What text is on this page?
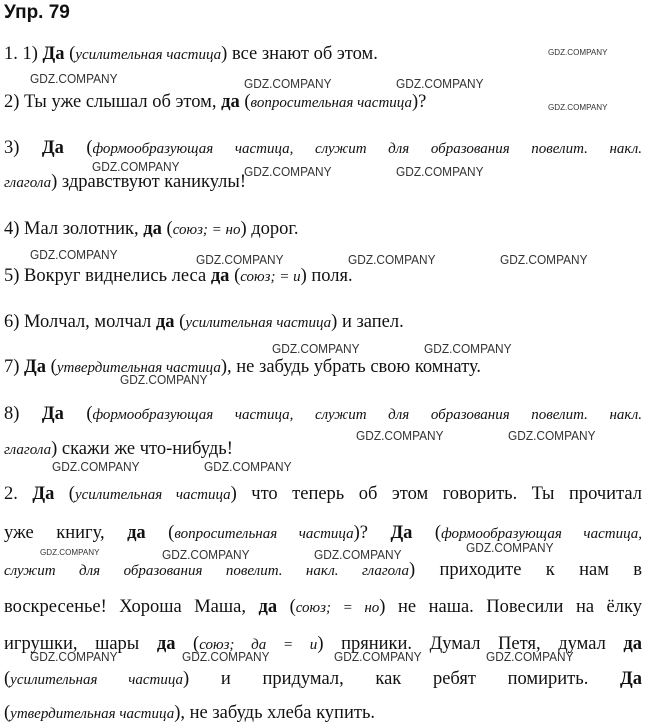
Упр. 79
1. 1) Да (усилительная частица) все знают об этом.
2) Ты уже слышал об этом, да (вопросительная частица)?
3) Да (формообразующая частица, служит для образования повелит. накл.
глагола) здравствуют каникулы!
4) Мал золотник, да (союз; = но) дорог.
5) Вокруг виднелись леса да (союз; = и) поля.
6) Молчал, молчал да (усилительная частица) и запел.
7) Да (утвердительная частица), не забудь убрать свою комнату.
8) Да (формообразующая частица, служит для образования повелит. накл.
глагола) скажи же что-нибудь!
2. Да (усилительная частица) что теперь об этом говорить. Ты прочитал
уже книгу, да (вопросительная частица)? Да (формообразующая частица,
служит для образования повелит. накл. глагола) приходите к нам в
воскресенье! Хороша Маша, да (союз; = но) не наша. Повесили на ёлку
игрушки, шары да (союз; да = и) пряники. Думал Петя, думал да
(усилительная частица) и придумал, как ребят помирить. Да
(утвердительная частица), не забудь хлеба купить.
GDZ.COMPANY
GDZ.COMPANY	GDZ.COMPANY	GDZ.COMPANY
GDZ.COMPANY
GDZ.COMPANY	GDZ.COMPANY	GDZ.COMPANY
GDZ.COMPANY	GDZ.COMPANY	GDZ.COMPANY	GDZ.COMPANY
GDZ.COMPANY	GDZ.COMPANY
GDZ.COMPANY
GDZ.COMPANY	GDZ.COMPANY
GDZ.COMPANY	GDZ.COMPANY
GDZ.COMPANY	GDZ.COMPANY	GDZ.COMPANY	GDZ.COMPANY
GDZ.COMPANY	GDZ.COMPANY	GDZ.COMPANY	GDZ.COMPANY
